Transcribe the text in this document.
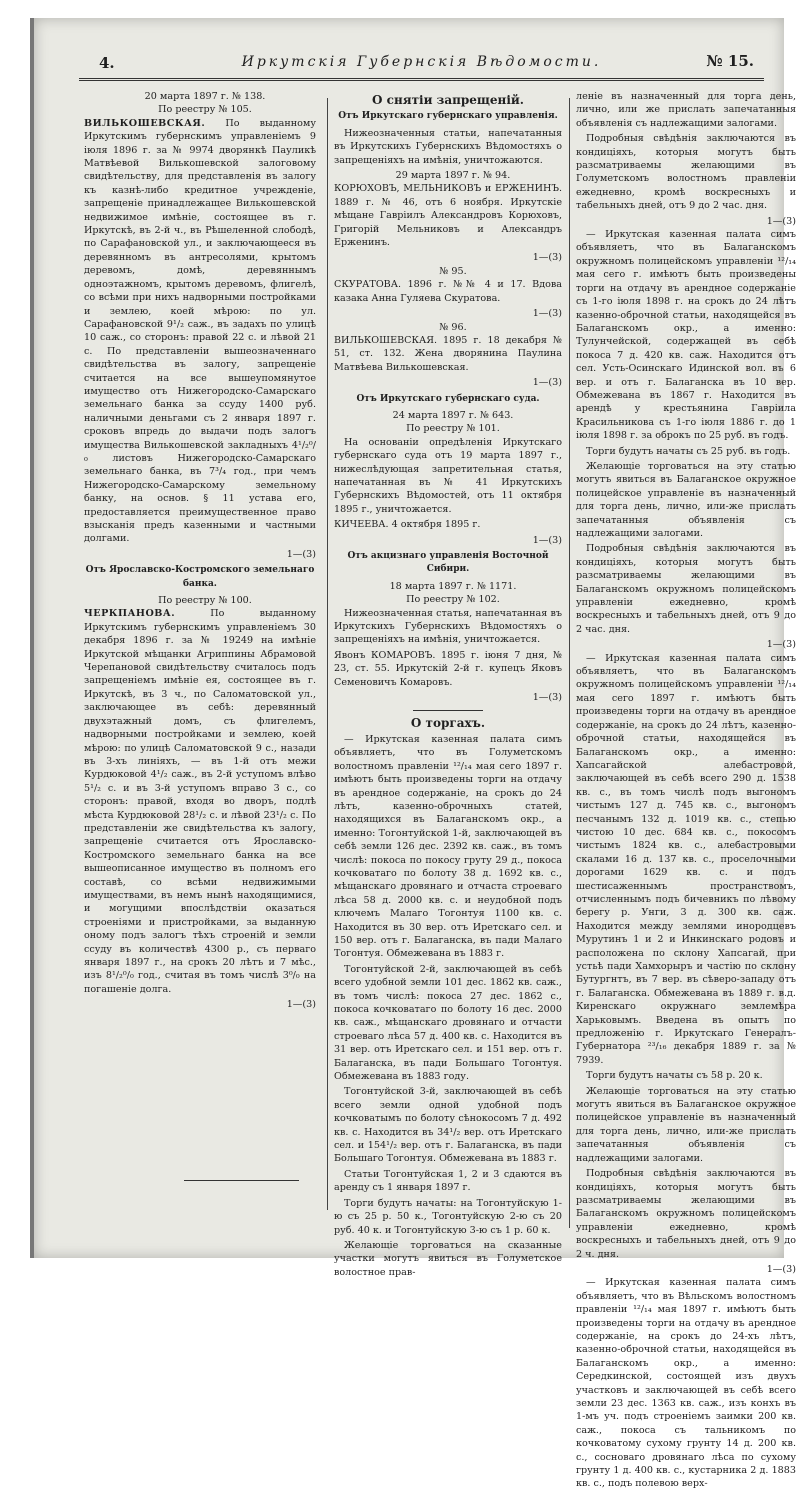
4.	Иркутскія Губернскія Вѣдомости.	№ 15.

20 марта 1897 г. № 138.

По реестру № 105.

ВИЛЬКОШЕВСКАЯ. По выданному Иркутскимъ губернскимъ управленіемъ 9 іюля 1896 г. за № 9974 дворянкѣ Пауликѣ Матвѣевой Вилькошевской залоговому свидѣтельству, для представленія въ залогу къ казнѣ-либо кредитное учрежденіе, запрещеніе принадлежащее Вилькошевской недвижимое имѣніе, состоящее въ г. Иркутскѣ, въ 2-й ч., въ Рѣшеленной слободѣ, по Сарафановской ул., и заключающееся въ деревянномъ въ антресолями, крытомъ деревомъ, домѣ, деревяннымъ одноэтажномъ, крытомъ деревомъ, флигелѣ, со всѣми при нихъ надворными постройками и землею, коей мѣрою: по ул. Сарафановской 9¹/₂ саж., въ задахъ по улицѣ 10 саж., со сторонъ: правой 22 с. и лѣвой 21 с. По представленіи вышеозначеннаго свидѣтельства въ залогу, запрещеніе считается на все вышеупомянутое имущество отъ Нижегородско-Самарскаго земельнаго банка за ссуду 1400 руб. наличными деньгами съ 2 января 1897 г. сроковъ впредь до выдачи подъ залогъ имущества Вилькошевской закладныхъ 4¹/₂⁰/₀ листовъ Нижегородско-Самарскаго земельнаго банка, въ 7³/₄ год., при чемъ Нижегородско-Самарскому земельному банку, на основ. § 11 устава его, предоставляется преимущественное право взысканія предъ казенными и частными долгами.

1—(3)

Отъ Ярославско-Костромского земельнаго банка.

По реестру № 100.

ЧЕРКПАНОВА.	По выданному Иркутскимъ губернскимъ управленіемъ 30 декабря 1896 г. за № 19249 на имѣніе Иркутской мѣщанки Агриппины Абрамовой Черепановой свидѣтельству считалось подъ запрещеніемъ имѣніе ея, состоящее въ г. Иркутскѣ, въ 3 ч., по Саломатовской ул., заключающее въ себѣ: деревянный двухэтажный домъ, съ флигелемъ, надворными постройками и землею, коей мѣрою: по улицѣ Саломатовской 9 с., назади въ 3-хъ линіяхъ, — въ 1-й отъ межи Курдюковой 4¹/₂ саж., въ 2-й уступомъ влѣво 5¹/₂ с. и въ 3-й уступомъ вправо 3 с., со сторонъ: правой, входя во дворъ, подлѣ мѣста Курдюковой 28¹/₂ с. и лѣвой 23¹/₂ с. По представленіи же свидѣтельства къ залогу, запрещеніе считается отъ Ярославско-Костромского земельнаго банка на все вышеописанное имущество въ полномъ его составѣ, со всѣми недвижимыми имуществами, въ немъ нынѣ находящимися, и могущими впослѣдствіи оказаться строеніями и пристройками, за выданную оному подъ залогъ тѣхъ строеній и земли ссуду въ количествѣ 4300 р., съ перваго января 1897 г., на срокъ 20 лѣтъ и 7 мѣс., изъ 8¹/₂⁰/₀ год., считая въ томъ числѣ 3⁰/₀ на погашеніе долга.

1—(3)

О снятіи запрещеній.
Отъ Иркутскаго губернскаго управленія.

Нижеозначенныя статьи, напечатанныя въ Иркутскихъ Губернскихъ Вѣдомостяхъ о запрещеніяхъ на имѣнія, уничтожаются.

29 марта 1897 г. № 94.

КОРЮХОВЪ, МЕЛЬНИКОВЪ и ЕРЖЕНИНЪ. 1889 г. № 46, отъ 6 ноября. Иркутскіе мѣщане Гавріилъ Александровъ Корюховъ, Григорій Мельниковъ и Александръ Ерженинъ.

1—(3)

№ 95.

СКУРАТОВА. 1896 г. №№ 4 и 17. Вдова казака Анна Гуляева Скуратова.

1—(3)

№ 96.

ВИЛЬКОШЕВСКАЯ. 1895 г. 18 декабря № 51, ст. 132. Жена дворянина Паулина Матвѣева Вилькошевская.

1—(3)

Отъ Иркутскаго губернскаго суда.

24 марта 1897 г. № 643.

По реестру № 101.

На основаніи опредѣленія Иркутскаго губернскаго суда отъ 19 марта 1897 г., нижеслѣдующая запретительная статья, напечатанная въ № 41 Иркутскихъ Губернскихъ Вѣдомостей, отъ 11 октября 1895 г., уничтожается.

КИЧЕЕВА. 4 октября 1895 г.

1—(3)

Отъ акцизнаго управленія Восточной Сибири.

18 марта 1897 г. № 1171.

По реестру № 102.

Нижеозначенная статья, напечатанная въ Иркутскихъ Губернскихъ Вѣдомостяхъ о запрещеніяхъ на имѣнія, уничтожается.

Явонъ КОМАРОВЪ. 1895 г. іюня 7 дня, № 23, ст. 55. Иркутскій 2-й г. купецъ Яковъ Семеновичъ Комаровъ.

1—(3)

О торгахъ.

— Иркутская казенная палата симъ объявляетъ, что въ Голуметскомъ волостномъ правленіи ¹²/₁₄ мая сего 1897 г. имѣютъ быть произведены торги на отдачу въ арендное содержаніе, на срокъ до 24 лѣтъ, казенно-оброчныхъ статей, находящихся въ Балаганскомъ окр., а именно: Тогонтуйской 1-й, заключающей въ себѣ земли 126 дес. 2392 кв. саж., въ томъ числѣ: покоса по покосу груту 29 д., покоса кочковатаго по болоту 38 д. 1692 кв. с., мѣщанскаго дровянаго и отчаста строеваго лѣса 58 д. 2000 кв. с. и неудобной подъ ключемъ Малаго Тогонтуя 1100 кв. с. Находится въ 30 вер. отъ Иретскаго сел. и 150 вер. отъ г. Балаганска, въ пади Малаго Тогонтуя. Обмежевана въ 1883 г.

Тогонтуйской 2-й, заключающей въ себѣ всего удобной земли 101 дес. 1862 кв. саж., въ томъ числѣ: покоса 27 дес. 1862 с., покоса кочковатаго по болоту 16 дес. 2000 кв. саж., мѣщанскаго дровянаго и отчасти строеваго лѣса 57 д. 400 кв. с. Находится въ 31 вер. отъ Иретскаго сел. и 151 вер. отъ г. Балаганска, въ пади Большаго Тогонтуя. Обмежевана въ 1883 году.

Тогонтуйской 3-й, заключающей въ себѣ всего земли одной удобной подъ кочковатымъ по болоту сѣнокосомъ 7 д. 492 кв. с. Находится въ 34¹/₂ вер. отъ Иретскаго сел. и 154¹/₂ вер. отъ г. Балаганска, въ пади Большаго Тогонтуя. Обмежевана въ 1883 г.

Статьи Тогонтуйская 1, 2 и 3 сдаются въ аренду съ 1 января 1897 г.

Торги будутъ начаты: на Тогонтуйскую 1-ю съ 25 р. 50 к., Тогонтуйскую 2-ю съ 20 руб. 40 к. и Тогонтуйскую 3-ю съ 1 р. 60 к.

Желающіе торговаться на сказанные участки могутъ явиться въ Голуметское волостное прав-

леніе въ назначенный для торга день, лично, или же прислать запечатанныя объявленія съ надлежащими залогами.

Подробныя свѣдѣнія заключаются въ кондиціяхъ, которыя могутъ быть разсматриваемы желающими въ Голуметскомъ волостномъ правленіи ежедневно, кромѣ воскресныхъ и табельныхъ дней, отъ 9 до 2 час. дня.

1—(3)

— Иркутская казенная палата симъ объявляетъ, что въ Балаганскомъ окружномъ полицейскомъ управленіи ¹²/₁₄ мая сего г. имѣютъ быть произведены торги на отдачу въ арендное содержаніе съ 1-го іюля 1898 г. на срокъ до 24 лѣтъ казенно-оброчной статьи, находящейся въ Балаганскомъ окр., а именно: Тулунчейской, содержащей въ себѣ покоса 7 д. 420 кв. саж. Находится отъ сел. Усть-Осинскаго Идинской вол. въ 6 вер. и отъ г. Балаганска въ 10 вер. Обмежевана въ 1867 г. Находится въ арендѣ у крестьянина Гавріила Красильникова съ 1-го іюля 1886 г. до 1 іюля 1898 г. за оброкъ по 25 руб. въ годъ.

Торги будутъ начаты съ 25 руб. въ годъ.

Желающіе торговаться на эту статью могутъ явиться въ Балаганское окружное полицейское управленіе въ назначенный для торга день, лично, или-же прислать запечатанныя объявленія съ надлежащими залогами.

Подробныя свѣдѣнія заключаются въ кондиціяхъ, которыя могутъ быть разсматриваемы желающими въ Балаганскомъ окружномъ полицейскомъ управленіи ежедневно, кромѣ воскресныхъ и табельныхъ дней, отъ 9 до 2 час. дня.

1—(3)

— Иркутская казенная палата симъ объявляетъ, что въ Балаганскомъ окружномъ полицейскомъ управленіи ¹²/₁₄ мая сего 1897 г. имѣютъ быть произведены торги на отдачу въ арендное содержаніе, на срокъ до 24 лѣтъ, казенно-оброчной статьи, находящейся въ Балаганскомъ окр., а именно: Хапсагайской алебастровой, заключающей въ себѣ всего 290 д. 1538 кв. с., въ томъ числѣ подъ выгономъ чистымъ 127 д. 745 кв. с., выгономъ песчанымъ 132 д. 1019 кв. с., степью чистою 10 дес. 684 кв. с., покосомъ чистымъ 1824 кв. с., алебастровыми скалами 16 д. 137 кв. с., проселочными дорогами 1629 кв. с. и подъ шестисаженнымъ пространствомъ, отчисленнымъ подъ бичевникъ по лѣвому берегу р. Унги, 3 д. 300 кв. саж. Находится между землями инородцевъ Мурутинъ 1 и 2 и Инкинскаго родовъ и расположена по склону Хапсагай, при устьѣ пади Хамхорыръ и частію по склону Бутургнтъ, въ 7 вер. въ сѣверо-западу отъ г. Балаганска. Обмежевана въ 1889 г. в.д. Киренскаго окружнаго землемѣра Харьковымъ. Введена въ опытъ по предложенію г. Иркутскаго Генералъ-Губернатора ²³/₁₆ декабря 1889 г. за № 7939.

Торги будутъ начаты съ 58 р. 20 к.

Желающіе торговаться на эту статью могутъ явиться въ Балаганское окружное полицейское управленіе въ назначенный для торга день, лично, или-же прислать запечатанныя объявленія съ надлежащими залогами.

Подробныя свѣдѣнія заключаются въ кондиціяхъ, которыя могутъ быть разсматриваемы желающими въ Балаганскомъ окружномъ полицейскомъ управленіи ежедневно, кромѣ воскресныхъ и табельныхъ дней, отъ 9 до 2 ч. дня.

1—(3)

— Иркутская казенная палата симъ объявляетъ, что въ Вѣльскомъ волостномъ правленіи ¹²/₁₄ мая 1897 г. имѣютъ быть произведены торги на отдачу въ арендное содержаніе, на срокъ до 24-хъ лѣтъ, казенно-оброчной статьи, находящейся въ Балаганскомъ окр., а именно: Середкинской, состоящей изъ двухъ участковъ и заключающей въ себѣ всего земли 23 дес. 1363 кв. саж., изъ конхъ въ 1-мъ уч. подъ строеніемъ заимки 200 кв. саж., покоса съ тальникомъ по кочковатому сухому грунту 14 д. 200 кв. с., сосноваго дровянаго лѣса по сухому грунту 1 д. 400 кв. с., кустарника 2 д. 1883 кв. с., подъ полевою верх-
